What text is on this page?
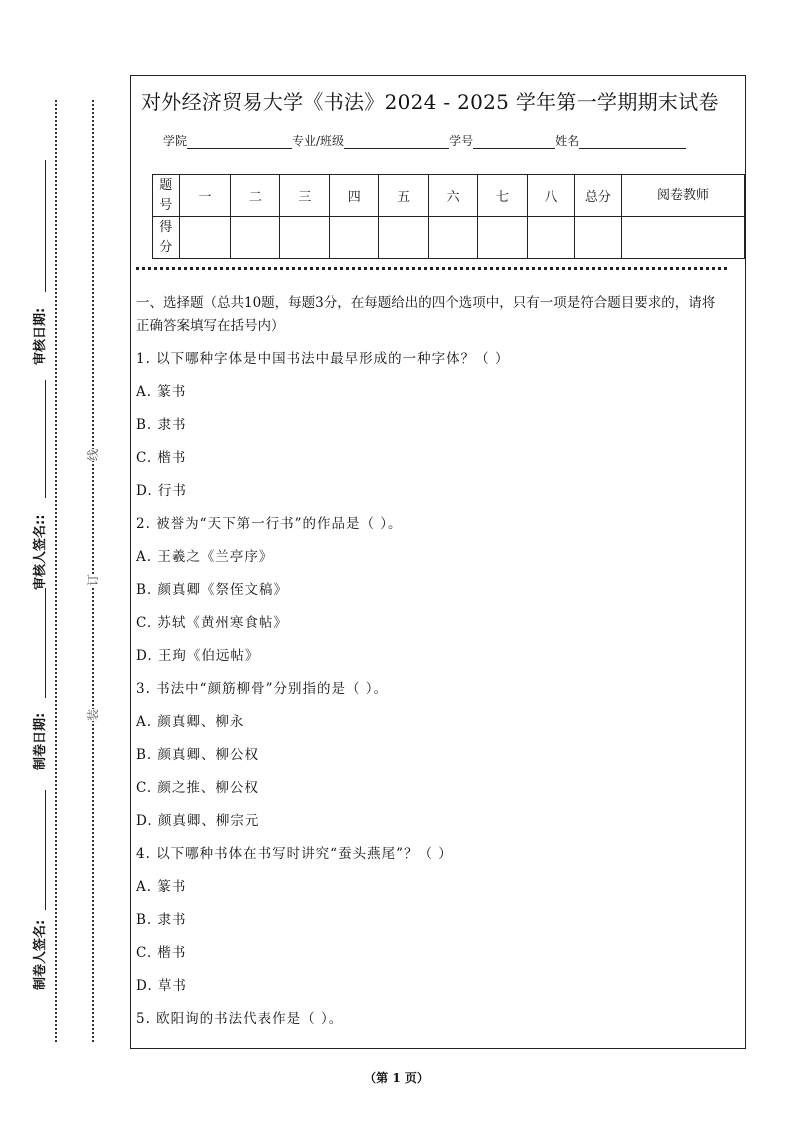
线
订
装
制卷人签名:
制卷日期:
审核人签名::
审核日期:
对外经济贸易大学《书法》2024 - 2025 学年第一学期期末试卷
学院	专业/班级	学号	姓名
题号	一	二	三	四	五	六	七	八	总分	阅卷教师
得分										
一、选择题（总共10题，每题3分，在每题给出的四个选项中，只有一项是符合题目要求的，请将正确答案填写在括号内）
1. 以下哪种字体是中国书法中最早形成的一种字体？（ ）
A. 篆书
B. 隶书
C. 楷书
D. 行书
2. 被誉为“天下第一行书”的作品是（ ）。
A. 王羲之《兰亭序》
B. 颜真卿《祭侄文稿》
C. 苏轼《黄州寒食帖》
D. 王珣《伯远帖》
3. 书法中“颜筋柳骨”分别指的是（ ）。
A. 颜真卿、柳永
B. 颜真卿、柳公权
C. 颜之推、柳公权
D. 颜真卿、柳宗元
4. 以下哪种书体在书写时讲究“蚕头燕尾”？（ ）
A. 篆书
B. 隶书
C. 楷书
D. 草书
5. 欧阳询的书法代表作是（ ）。
（第 1 页）
